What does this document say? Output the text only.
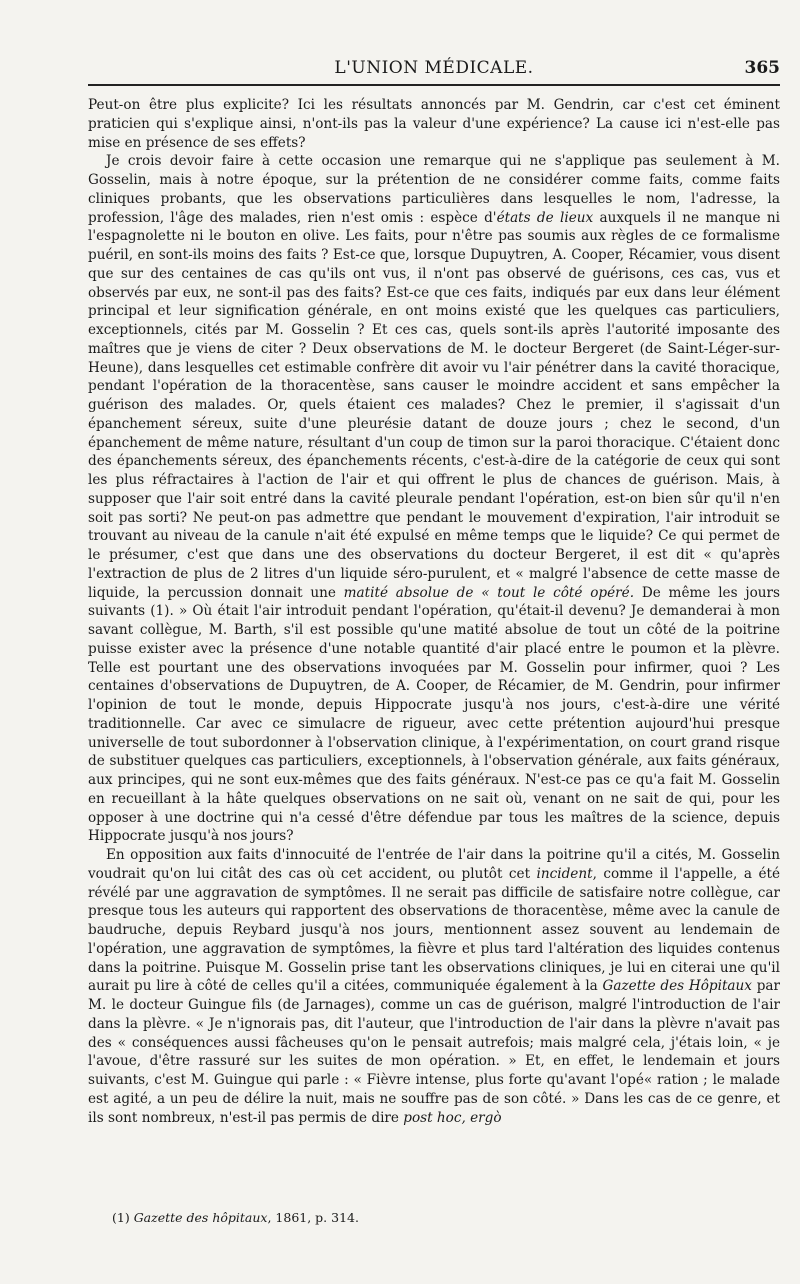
L'UNION MÉDICALE.	365

Peut-on être plus explicite? Ici les résultats annoncés par M. Gendrin, car c'est cet éminent praticien qui s'explique ainsi, n'ont-ils pas la valeur d'une expérience? La cause ici n'est-elle pas mise en présence de ses effets?

Je crois devoir faire à cette occasion une remarque qui ne s'applique pas seulement à M. Gosselin, mais à notre époque, sur la prétention de ne considérer comme faits, comme faits cliniques probants, que les observations particulières dans lesquelles le nom, l'adresse, la profession, l'âge des malades, rien n'est omis : espèce d'états de lieux auxquels il ne manque ni l'espagnolette ni le bouton en olive. Les faits, pour n'être pas soumis aux règles de ce formalisme puéril, en sont-ils moins des faits ? Est-ce que, lorsque Dupuytren, A. Cooper, Récamier, vous disent que sur des centaines de cas qu'ils ont vus, il n'ont pas observé de guérisons, ces cas, vus et observés par eux, ne sont-il pas des faits? Est-ce que ces faits, indiqués par eux dans leur élément principal et leur signification générale, en ont moins existé que les quelques cas particuliers, exceptionnels, cités par M. Gosselin ? Et ces cas, quels sont-ils après l'autorité imposante des maîtres que je viens de citer ? Deux observations de M. le docteur Bergeret (de Saint-Léger-sur-Heune), dans lesquelles cet estimable confrère dit avoir vu l'air pénétrer dans la cavité thoracique, pendant l'opération de la thoracentèse, sans causer le moindre accident et sans empêcher la guérison des malades. Or, quels étaient ces malades? Chez le premier, il s'agissait d'un épanchement séreux, suite d'une pleurésie datant de douze jours ; chez le second, d'un épanchement de même nature, résultant d'un coup de timon sur la paroi thoracique. C'étaient donc des épanchements séreux, des épanchements récents, c'est-à-dire de la catégorie de ceux qui sont les plus réfractaires à l'action de l'air et qui offrent le plus de chances de guérison. Mais, à supposer que l'air soit entré dans la cavité pleurale pendant l'opération, est-on bien sûr qu'il n'en soit pas sorti? Ne peut-on pas admettre que pendant le mouvement d'expiration, l'air introduit se trouvant au niveau de la canule n'ait été expulsé en même temps que le liquide? Ce qui permet de le présumer, c'est que dans une des observations du docteur Bergeret, il est dit « qu'après l'extraction de plus de 2 litres d'un liquide séro-purulent, et « malgré l'absence de cette masse de liquide, la percussion donnait une matité absolue de « tout le côté opéré. De même les jours suivants (1). » Où était l'air introduit pendant l'opération, qu'était-il devenu? Je demanderai à mon savant collègue, M. Barth, s'il est possible qu'une matité absolue de tout un côté de la poitrine puisse exister avec la présence d'une notable quantité d'air placé entre le poumon et la plèvre. Telle est pourtant une des observations invoquées par M. Gosselin pour infirmer, quoi ? Les centaines d'observations de Dupuytren, de A. Cooper, de Récamier, de M. Gendrin, pour infirmer l'opinion de tout le monde, depuis Hippocrate jusqu'à nos jours, c'est-à-dire une vérité traditionnelle. Car avec ce simulacre de rigueur, avec cette prétention aujourd'hui presque universelle de tout subordonner à l'observation clinique, à l'expérimentation, on court grand risque de substituer quelques cas particuliers, exceptionnels, à l'observation générale, aux faits généraux, aux principes, qui ne sont eux-mêmes que des faits généraux. N'est-ce pas ce qu'a fait M. Gosselin en recueillant à la hâte quelques observations on ne sait où, venant on ne sait de qui, pour les opposer à une doctrine qui n'a cessé d'être défendue par tous les maîtres de la science, depuis Hippocrate jusqu'à nos jours?

En opposition aux faits d'innocuité de l'entrée de l'air dans la poitrine qu'il a cités, M. Gosselin voudrait qu'on lui citât des cas où cet accident, ou plutôt cet incident, comme il l'appelle, a été révélé par une aggravation de symptômes. Il ne serait pas difficile de satisfaire notre collègue, car presque tous les auteurs qui rapportent des observations de thoracentèse, même avec la canule de baudruche, depuis Reybard jusqu'à nos jours, mentionnent assez souvent au lendemain de l'opération, une aggravation de symptômes, la fièvre et plus tard l'altération des liquides contenus dans la poitrine. Puisque M. Gosselin prise tant les observations cliniques, je lui en citerai une qu'il aurait pu lire à côté de celles qu'il a citées, communiquée également à la Gazette des Hôpitaux par M. le docteur Guingue fils (de Jarnages), comme un cas de guérison, malgré l'introduction de l'air dans la plèvre. « Je n'ignorais pas, dit l'auteur, que l'introduction de l'air dans la plèvre n'avait pas des « conséquences aussi fâcheuses qu'on le pensait autrefois; mais malgré cela, j'étais loin, « je l'avoue, d'être rassuré sur les suites de mon opération. » Et, en effet, le lendemain et jours suivants, c'est M. Guingue qui parle : « Fièvre intense, plus forte qu'avant l'opé« ration ; le malade est agité, a un peu de délire la nuit, mais ne souffre pas de son côté. » Dans les cas de ce genre, et ils sont nombreux, n'est-il pas permis de dire post hoc, ergò

(1) Gazette des hôpitaux, 1861, p. 314.
